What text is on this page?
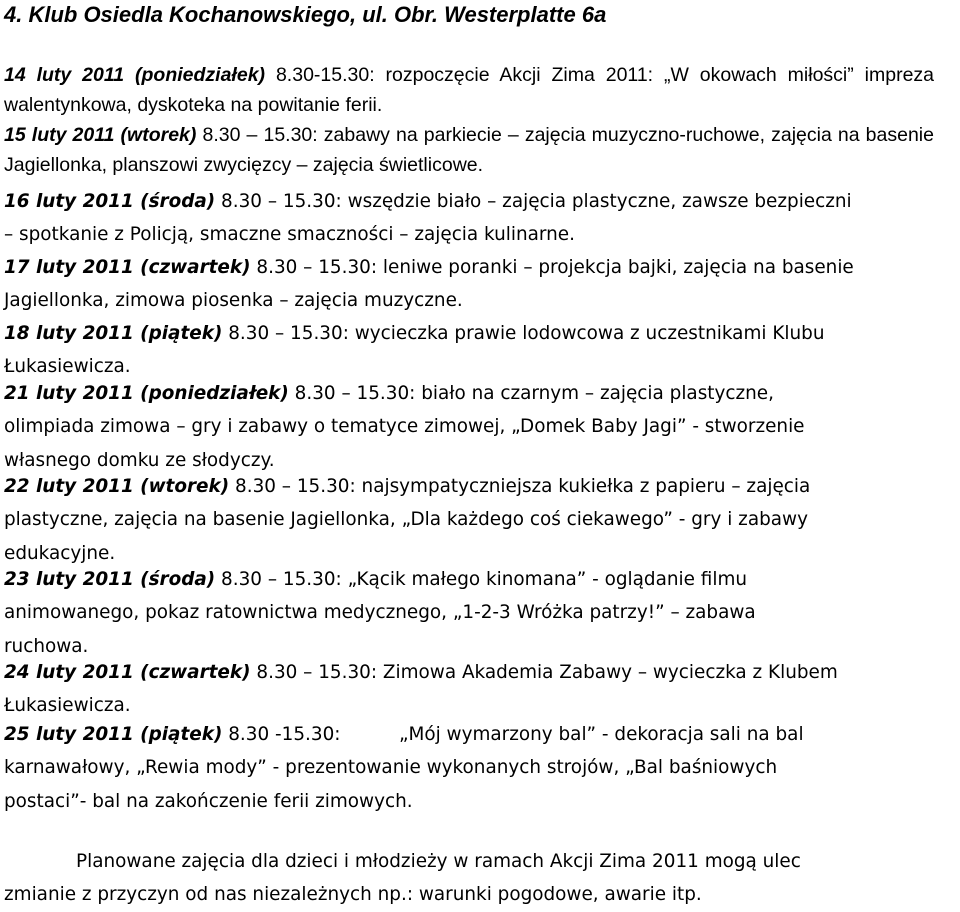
4. Klub Osiedla Kochanowskiego, ul. Obr. Westerplatte 6a

14 luty 2011 (poniedziałek) 8.30-15.30: rozpoczęcie Akcji Zima 2011: „W okowach miłości” impreza walentynkowa, dyskoteka na powitanie ferii.

15 luty 2011 (wtorek) 8.30 – 15.30: zabawy na parkiecie – zajęcia muzyczno-ruchowe, zajęcia na basenie Jagiellonka, planszowi zwycięzcy – zajęcia świetlicowe.

16 luty 2011 (środa) 8.30 – 15.30: wszędzie biało – zajęcia plastyczne, zawsze bezpieczni
– spotkanie z Policją, smaczne smaczności – zajęcia kulinarne.
17 luty 2011 (czwartek) 8.30 – 15.30: leniwe poranki – projekcja bajki, zajęcia na basenie
Jagiellonka, zimowa piosenka – zajęcia muzyczne.
18 luty 2011 (piątek) 8.30 – 15.30: wycieczka prawie lodowcowa z uczestnikami Klubu
Łukasiewicza.
21 luty 2011 (poniedziałek) 8.30 – 15.30: biało na czarnym – zajęcia plastyczne,
olimpiada zimowa – gry i zabawy o tematyce zimowej, „Domek Baby Jagi” - stworzenie
własnego domku ze słodyczy.
22 luty 2011 (wtorek) 8.30 – 15.30: najsympatyczniejsza kukiełka z papieru – zajęcia
plastyczne, zajęcia na basenie Jagiellonka, „Dla każdego coś ciekawego” - gry i zabawy
edukacyjne.
23 luty 2011 (środa) 8.30 – 15.30: „Kącik małego kinomana” - oglądanie filmu
animowanego, pokaz ratownictwa medycznego, „1-2-3 Wróżka patrzy!” – zabawa
ruchowa.
24 luty 2011 (czwartek) 8.30 – 15.30: Zimowa Akademia Zabawy – wycieczka z Klubem
Łukasiewicza.
25 luty 2011 (piątek) 8.30 -15.30:          „Mój wymarzony bal” - dekoracja sali na bal
karnawałowy, „Rewia mody” - prezentowanie wykonanych strojów, „Bal baśniowych
postaci”- bal na zakończenie ferii zimowych.
Planowane zajęcia dla dzieci i młodzieży w ramach Akcji Zima 2011 mogą ulec
zmianie z przyczyn od nas niezależnych np.: warunki pogodowe, awarie itp.
